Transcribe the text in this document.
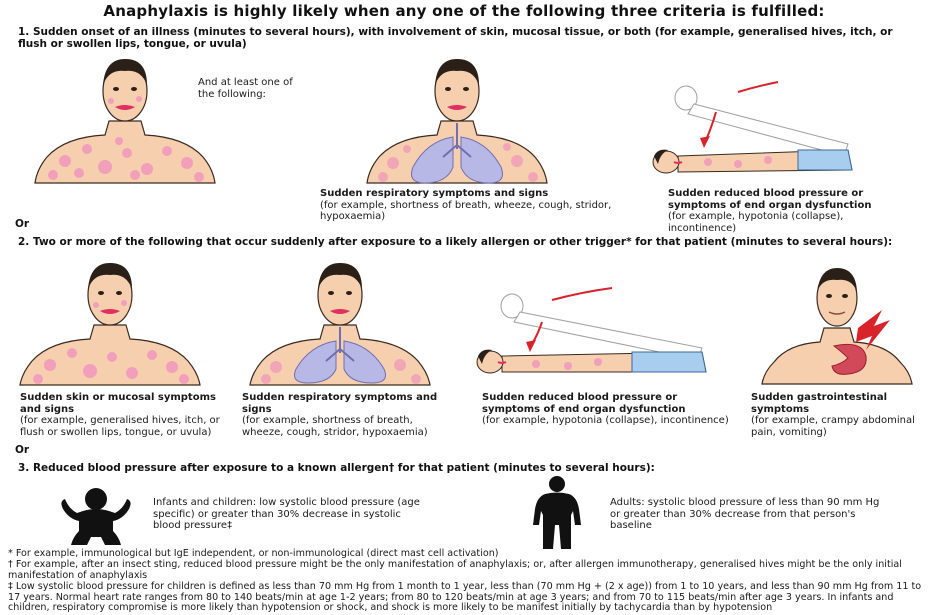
Anaphylaxis is highly likely when any one of the following three criteria is fulfilled:
1. Sudden onset of an illness (minutes to several hours), with involvement of skin, mucosal tissue, or both (for example, generalised hives, itch, or flush or swollen lips, tongue, or uvula)
And at least one of the following:
Sudden respiratory symptoms and signs
(for example, shortness of breath, wheeze, cough, stridor, hypoxaemia)
Sudden reduced blood pressure or symptoms of end organ dysfunction
(for example, hypotonia (collapse), incontinence)
Or
2. Two or more of the following that occur suddenly after exposure to a likely allergen or other trigger* for that patient (minutes to several hours):
Sudden skin or mucosal symptoms and signs
(for example, generalised hives, itch, or flush or swollen lips, tongue, or uvula)
Sudden respiratory symptoms and signs
(for example, shortness of breath, wheeze, cough, stridor, hypoxaemia)
Sudden reduced blood pressure or symptoms of end organ dysfunction
(for example, hypotonia (collapse), incontinence)
Sudden gastrointestinal symptoms
(for example, crampy abdominal pain, vomiting)
Or
3. Reduced blood pressure after exposure to a known allergen† for that patient (minutes to several hours):
Infants and children: low systolic blood pressure (age specific) or greater than 30% decrease in systolic blood pressure‡
Adults: systolic blood pressure of less than 90 mm Hg or greater than 30% decrease from that person's baseline
* For example, immunological but IgE independent, or non-immunological (direct mast cell activation)
† For example, after an insect sting, reduced blood pressure might be the only manifestation of anaphylaxis; or, after allergen immunotherapy, generalised hives might be the only initial manifestation of anaphylaxis
‡ Low systolic blood pressure for children is defined as less than 70 mm Hg from 1 month to 1 year, less than (70 mm Hg + (2 x age)) from 1 to 10 years, and less than 90 mm Hg from 11 to 17 years. Normal heart rate ranges from 80 to 140 beats/min at age 1-2 years; from 80 to 120 beats/min at age 3 years; and from 70 to 115 beats/min after age 3 years. In infants and children, respiratory compromise is more likely than hypotension or shock, and shock is more likely to be manifest initially by tachycardia than by hypotension
